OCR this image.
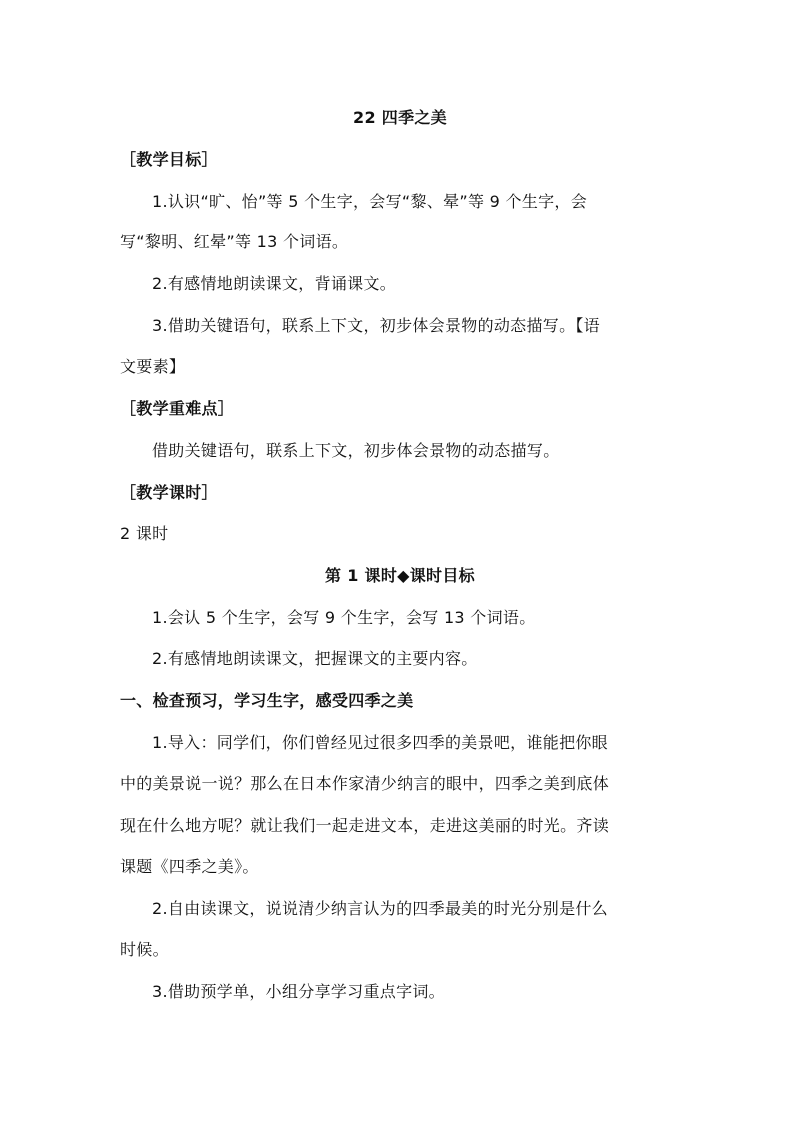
22 四季之美
［教学目标］
1.认识“旷、怡”等 5 个生字，会写“黎、晕”等 9 个生字，会
写“黎明、红晕”等 13 个词语。
2.有感情地朗读课文，背诵课文。
3.借助关键语句，联系上下文，初步体会景物的动态描写。【语
文要素】
［教学重难点］
借助关键语句，联系上下文，初步体会景物的动态描写。
［教学课时］
2 课时
第 1 课时◆课时目标
1.会认 5 个生字，会写 9 个生字，会写 13 个词语。
2.有感情地朗读课文，把握课文的主要内容。
一、检查预习，学习生字，感受四季之美
1.导入：同学们，你们曾经见过很多四季的美景吧，谁能把你眼
中的美景说一说？那么在日本作家清少纳言的眼中，四季之美到底体
现在什么地方呢？就让我们一起走进文本，走进这美丽的时光。齐读
课题《四季之美》。
2.自由读课文，说说清少纳言认为的四季最美的时光分别是什么
时候。
3.借助预学单，小组分享学习重点字词。
